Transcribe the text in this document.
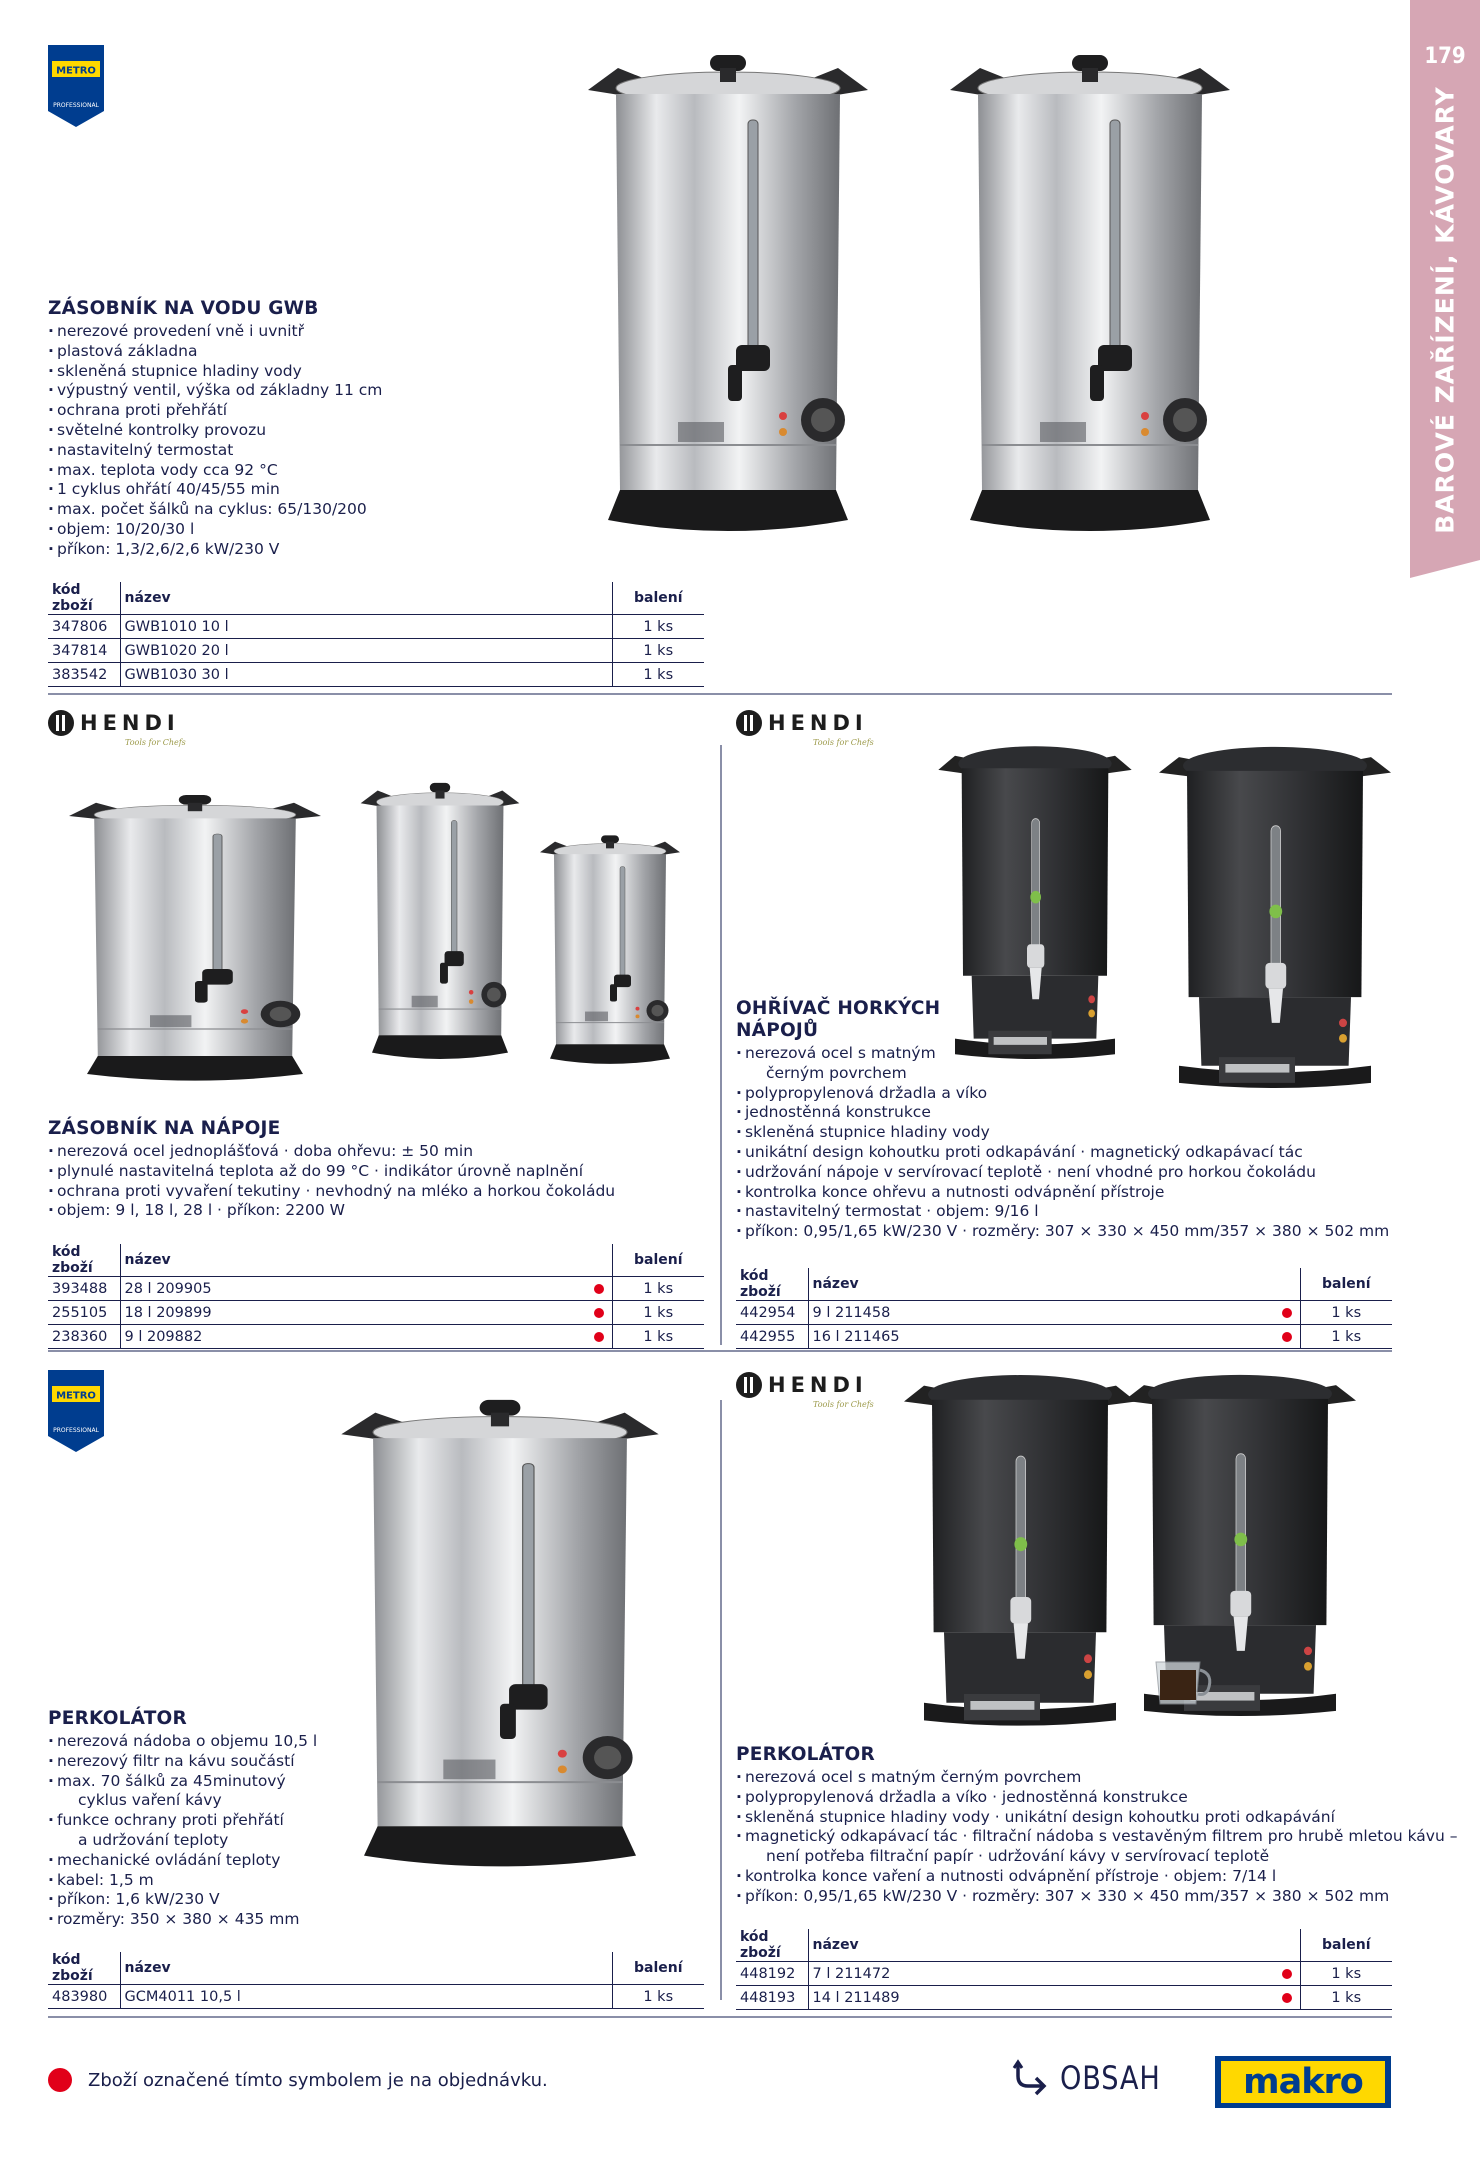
179
BAROVÉ ZAŘÍZENÍ, KÁVOVARY
METRO
PROFESSIONAL
ZÁSOBNÍK NA VODU GWB
· nerezové provedení vně i uvnitř
· plastová základna
· skleněná stupnice hladiny vody
· výpustný ventil, výška od základny 11 cm
· ochrana proti přehřátí
· světelné kontrolky provozu
· nastavitelný termostat
· max. teplota vody cca 92 °C
· 1 cyklus ohřátí 40/45/55 min
· max. počet šálků na cyklus: 65/130/200
· objem: 10/20/30 l
· příkon: 1,3/2,6/2,6 kW/230 V
kód zboží	název	balení
347806	GWB1010 10 l	1 ks
347814	GWB1020 20 l	1 ks
383542	GWB1030 30 l	1 ks
HENDI
Tools for Chefs
HENDI
Tools for Chefs
ZÁSOBNÍK NA NÁPOJE
· nerezová ocel jednoplášťová · doba ohřevu: ± 50 min
· plynulé nastavitelná teplota až do 99 °C · indikátor úrovně naplnění
· ochrana proti vyvaření tekutiny · nevhodný na mléko a horkou čokoládu
· objem: 9 l, 18 l, 28 l · příkon: 2200 W
kód zboží	název	balení
393488	28 l 209905	1 ks
255105	18 l 209899	1 ks
238360	9 l 209882	1 ks
OHŘÍVAČ HORKÝCH
NÁPOJŮ
· nerezová ocel s matným
černým povrchem
· polypropylenová držadla a víko
· jednostěnná konstrukce
· skleněná stupnice hladiny vody
· unikátní design kohoutku proti odkapávání · magnetický odkapávací tác
· udržování nápoje v servírovací teplotě · není vhodné pro horkou čokoládu
· kontrolka konce ohřevu a nutnosti odvápnění přístroje
· nastavitelný termostat · objem: 9/16 l
· příkon: 0,95/1,65 kW/230 V · rozměry: 307 × 330 × 450 mm/357 × 380 × 502 mm
kód zboží	název	balení
442954	9 l 211458	1 ks
442955	16 l 211465	1 ks
METRO
PROFESSIONAL
HENDI
Tools for Chefs
PERKOLÁTOR
· nerezová nádoba o objemu 10,5 l
· nerezový filtr na kávu součástí
· max. 70 šálků za 45minutový
cyklus vaření kávy
· funkce ochrany proti přehřátí
a udržování teploty
· mechanické ovládání teploty
· kabel: 1,5 m
· příkon: 1,6 kW/230 V
· rozměry: 350 × 380 × 435 mm
kód zboží	název	balení
483980	GCM4011 10,5 l	1 ks
PERKOLÁTOR
· nerezová ocel s matným černým povrchem
· polypropylenová držadla a víko · jednostěnná konstrukce
· skleněná stupnice hladiny vody · unikátní design kohoutku proti odkapávání
· magnetický odkapávací tác · filtrační nádoba s vestavěným filtrem pro hrubě mletou kávu –
není potřeba filtrační papír · udržování kávy v servírovací teplotě
· kontrolka konce vaření a nutnosti odvápnění přístroje · objem: 7/14 l
· příkon: 0,95/1,65 kW/230 V · rozměry: 307 × 330 × 450 mm/357 × 380 × 502 mm
kód zboží	název	balení
448192	7 l 211472	1 ks
448193	14 l 211489	1 ks
Zboží označené tímto symbolem je na objednávku.	OBSAH makro
